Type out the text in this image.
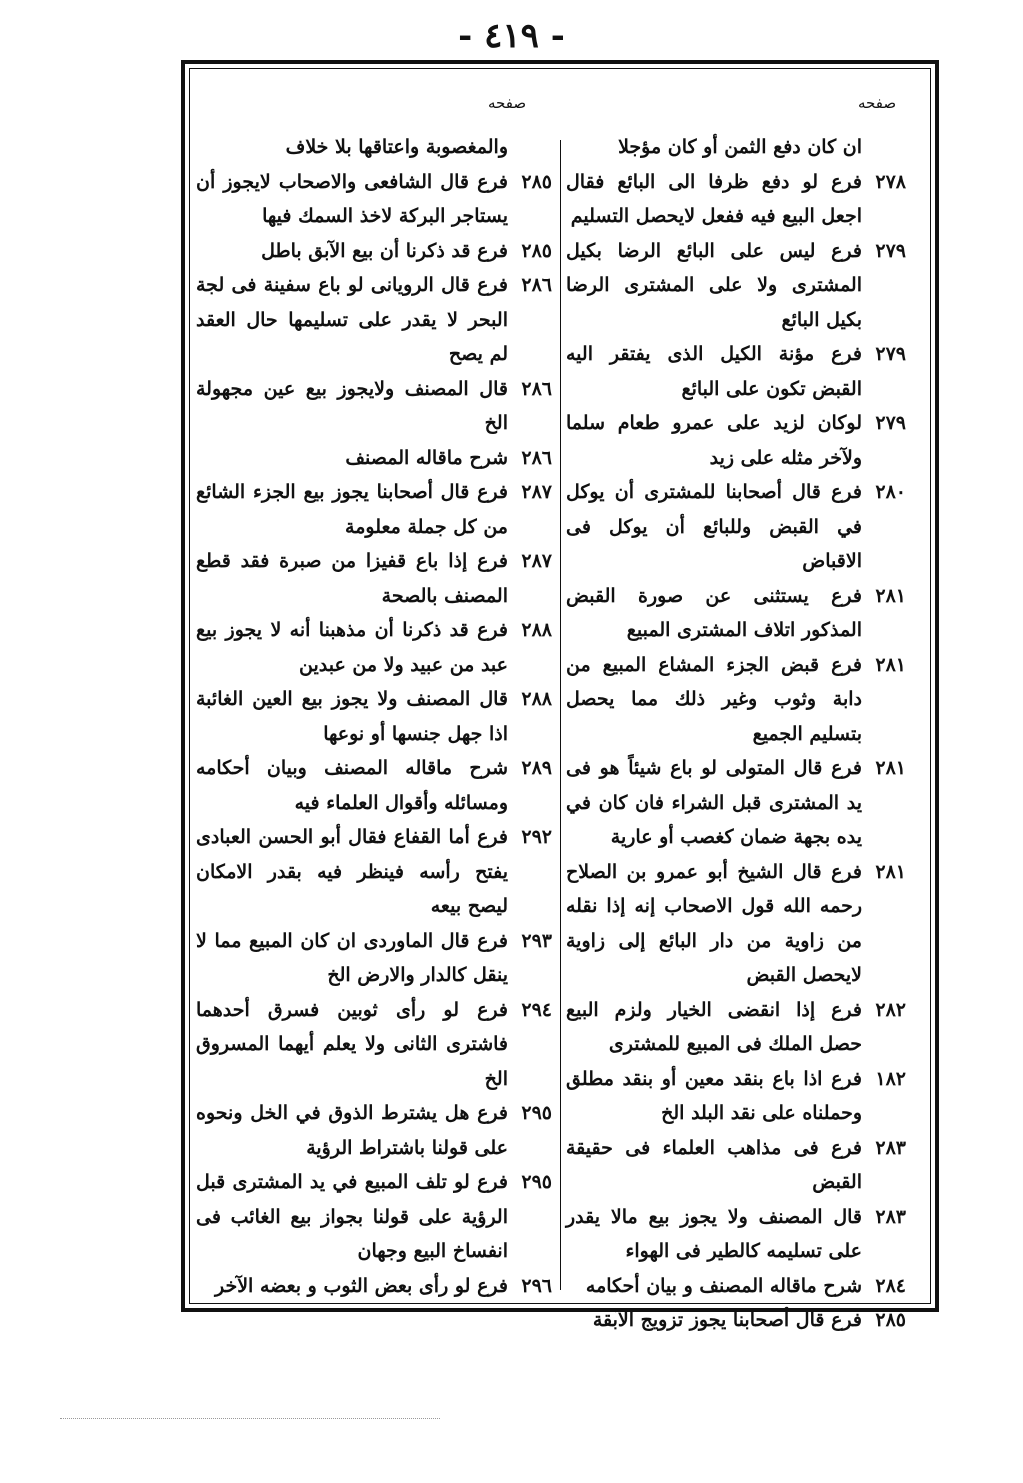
- ٤١٩ -
صفحه
صفحه
ان كان دفع الثمن أو كان مؤجلا
٢٧٨
فرع لو دفع ظرفا الى البائع فقال اجعل البيع فيه ففعل لايحصل التسليم
٢٧٩
فرع ليس على البائع الرضا بكيل المشترى ولا على المشترى الرضا بكيل البائع
٢٧٩
فرع مؤنة الكيل الذى يفتقر اليه القبض تكون على البائع
٢٧٩
لوكان لزيد على عمرو طعام سلما ولآخر مثله على زيد
٢٨٠
فرع قال أصحابنا للمشترى أن يوكل في القبض وللبائع أن يوكل فى الاقباض
٢٨١
فرع يستثنى عن صورة القبض المذكور اتلاف المشترى المبيع
٢٨١
فرع قبض الجزء المشاع المبيع من دابة وثوب وغير ذلك مما يحصل بتسليم الجميع
٢٨١
فرع قال المتولى لو باع شيئاً هو فى يد المشترى قبل الشراء فان كان في يده بجهة ضمان كغصب أو عارية
٢٨١
فرع قال الشيخ أبو عمرو بن الصلاح رحمه الله قول الاصحاب إنه إذا نقله من زاوية من دار البائع إلى زاوية لايحصل القبض
٢٨٢
فرع إذا انقضى الخيار ولزم البيع حصل الملك فى المبيع للمشترى
١٨٢
فرع اذا باع بنقد معين أو بنقد مطلق وحملناه على نقد البلد الخ
٢٨٣
فرع فى مذاهب العلماء فى حقيقة القبض
٢٨٣
قال المصنف ولا يجوز بيع مالا يقدر على تسليمه كالطير فى الهواء
٢٨٤
شرح ماقاله المصنف و بيان أحكامه
٢٨٥
فرع قال أصحابنا يجوز تزويج الآبقة
والمغصوبة واعتاقها بلا خلاف
٢٨٥
فرع قال الشافعى والاصحاب لايجوز أن يستاجر البركة لاخذ السمك فيها
٢٨٥
فرع قد ذكرنا أن بيع الآبق باطل
٢٨٦
فرع قال الرويانى لو باع سفينة فى لجة البحر لا يقدر على تسليمها حال العقد لم يصح
٢٨٦
قال المصنف ولايجوز بيع عين مجهولة الخ
٢٨٦
شرح ماقاله المصنف
٢٨٧
فرع قال أصحابنا يجوز بيع الجزء الشائع من كل جملة معلومة
٢٨٧
فرع إذا باع قفيزا من صبرة فقد قطع المصنف بالصحة
٢٨٨
فرع قد ذكرنا أن مذهبنا أنه لا يجوز بيع عبد من عبيد ولا من عبدين
٢٨٨
قال المصنف ولا يجوز بيع العين الغائبة اذا جهل جنسها أو نوعها
٢٨٩
شرح ماقاله المصنف وبيان أحكامه ومسائله وأقوال العلماء فيه
٢٩٢
فرع أما القفاع فقال أبو الحسن العبادى يفتح رأسه فينظر فيه بقدر الامكان ليصح بيعه
٢٩٣
فرع قال الماوردى ان كان المبيع مما لا ينقل كالدار والارض الخ
٢٩٤
فرع لو رأى ثوبين فسرق أحدهما فاشترى الثانى ولا يعلم أيهما المسروق الخ
٢٩٥
فرع هل يشترط الذوق في الخل ونحوه على قولنا باشتراط الرؤية
٢٩٥
فرع لو تلف المبيع في يد المشترى قبل الرؤية على قولنا بجواز بيع الغائب فى انفساخ البيع وجهان
٢٩٦
فرع لو رأى بعض الثوب و بعضه الآخر
